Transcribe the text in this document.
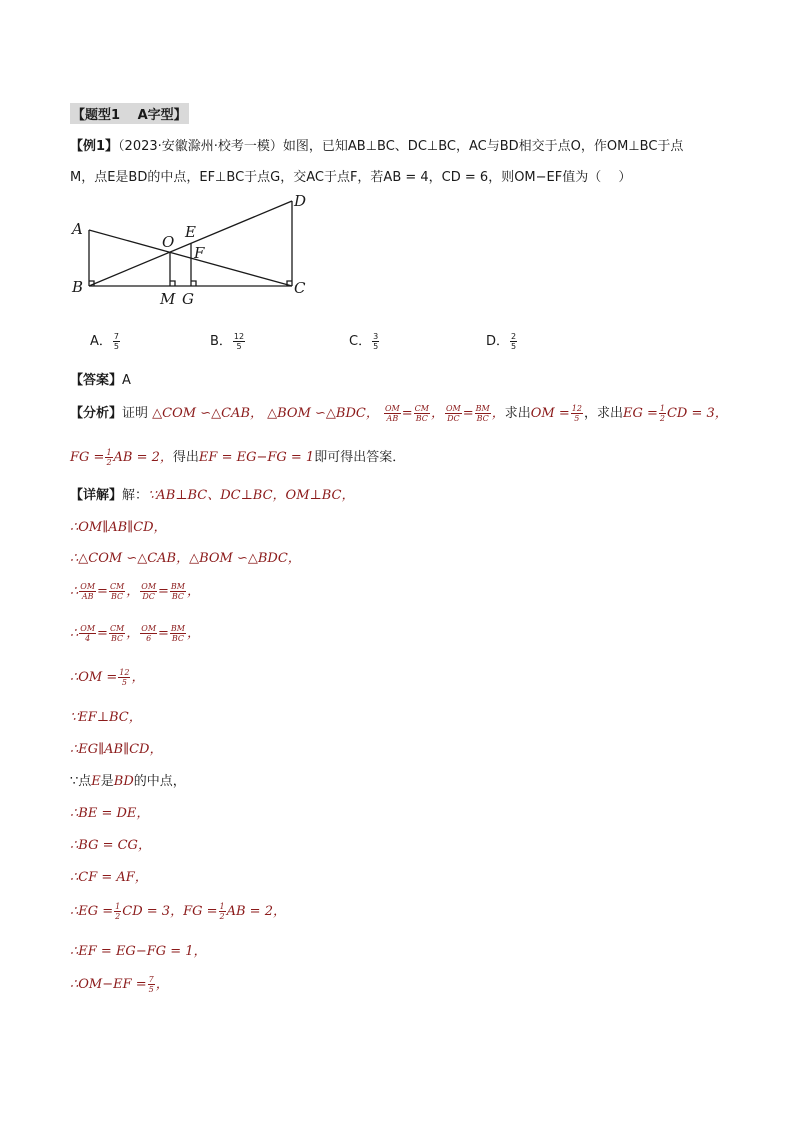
【题型1　 A字型】
【例1】（2023·安徽滁州·校考一模）如图，已知AB⊥BC、DC⊥BC，AC与BD相交于点O，作OM⊥BC于点
M，点E是BD的中点，EF⊥BC于点G，交AC于点F，若AB = 4，CD = 6，则OM−EF值为（　 ）
A
B	C
D
O
E
F
M G
A． $\frac{7}{5}$	B． $\frac{12}{5}$	C． $\frac{3}{5}$	D． $\frac{2}{5}$
【答案】A
【分析】证明 △COM ∽△CAB， △BOM ∽△BDC， $\frac{OM}{AB} = \frac{CM}{BC}$ ， $\frac{OM}{DC} = \frac{BM}{BC}$ ，求出OM = $\frac{12}{5}$ ，求出EG = $\frac{1}{2}$ CD = 3，
FG = $\frac{1}{2}$ AB = 2，得出EF = EG−FG = 1即可得出答案．
【详解】解：∵AB⊥BC、DC⊥BC，OM⊥BC，
∴OM∥AB∥CD，
∴△COM ∽△CAB，△BOM ∽△BDC，
∴ $\frac{OM}{AB} = \frac{CM}{BC}$ ， $\frac{OM}{DC} = \frac{BM}{BC}$ ，
∴ $\frac{OM}{4} = \frac{CM}{BC}$ ， $\frac{OM}{6} = \frac{BM}{BC}$ ，
∴OM = $\frac{12}{5}$ ，
∵EF⊥BC，
∴EG∥AB∥CD，
∵点E是BD的中点，
∴BE = DE，
∴BG = CG，
∴CF = AF，
∴EG = $\frac{1}{2}$ CD = 3，FG = $\frac{1}{2}$ AB = 2，
∴EF = EG−FG = 1，
∴OM−EF = $\frac{7}{5}$ ，
